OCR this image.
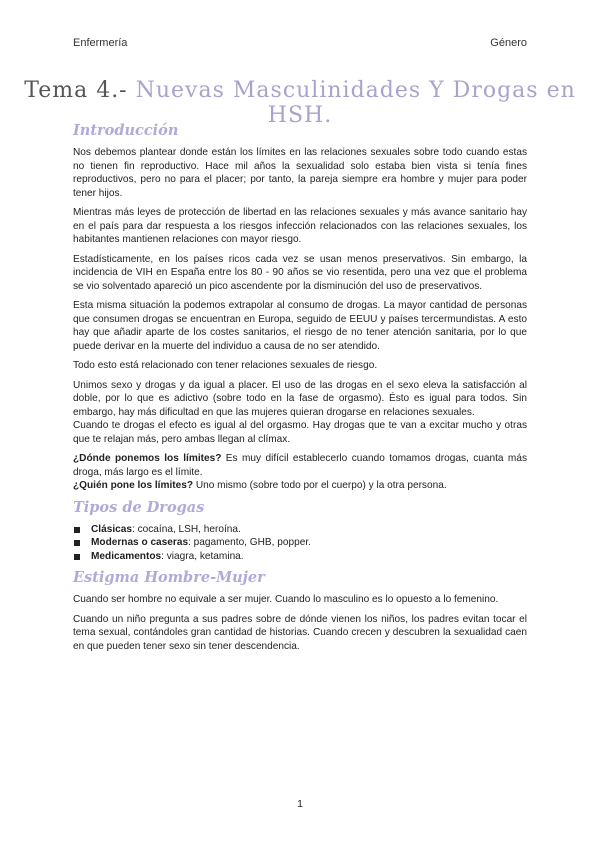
Enfermería	Género
Tema 4.- Nuevas Masculinidades Y Drogas en HSH.
Introducción

Nos debemos plantear donde están los límites en las relaciones sexuales sobre todo cuando estas no tienen fin reproductivo. Hace mil años la sexualidad solo estaba bien vista si tenía fines reproductivos, pero no para el placer; por tanto, la pareja siempre era hombre y mujer para poder tener hijos.

Mientras más leyes de protección de libertad en las relaciones sexuales y más avance sanitario hay en el país para dar respuesta a los riesgos infección relacionados con las relaciones sexuales, los habitantes mantienen relaciones con mayor riesgo.

Estadísticamente, en los países ricos cada vez se usan menos preservativos. Sin embargo, la incidencia de VIH en España entre los 80 - 90 años se vio resentida, pero una vez que el problema se vio solventado apareció un pico ascendente por la disminución del uso de preservativos.

Esta misma situación la podemos extrapolar al consumo de drogas. La mayor cantidad de personas que consumen drogas se encuentran en Europa, seguido de EEUU y países tercermundistas. A esto hay que añadir aparte de los costes sanitarios, el riesgo de no tener atención sanitaria, por lo que puede derivar en la muerte del individuo a causa de no ser atendido.

Todo esto está relacionado con tener relaciones sexuales de riesgo.

Unimos sexo y drogas y da igual a placer. El uso de las drogas en el sexo eleva la satisfacción al doble, por lo que es adictivo (sobre todo en la fase de orgasmo). Ésto es igual para todos. Sin embargo, hay más dificultad en que las mujeres quieran drogarse en relaciones sexuales.

Cuando te drogas el efecto es igual al del orgasmo. Hay drogas que te van a excitar mucho y otras que te relajan más, pero ambas llegan al clímax.

¿Dónde ponemos los límites? Es muy difícil establecerlo cuando tomamos drogas, cuanta más droga, más largo es el límite.

¿Quién pone los límites? Uno mismo (sobre todo por el cuerpo) y la otra persona.

Tipos de Drogas
Clásicas: cocaína, LSH, heroína.
Modernas o caseras: pagamento, GHB, popper.
Medicamentos: viagra, ketamina.
Estigma Hombre-Mujer

Cuando ser hombre no equivale a ser mujer. Cuando lo masculino es lo opuesto a lo femenino.

Cuando un niño pregunta a sus padres sobre de dónde vienen los niños, los padres evitan tocar el tema sexual, contándoles gran cantidad de historias. Cuando crecen y descubren la sexualidad caen en que pueden tener sexo sin tener descendencia.

1
